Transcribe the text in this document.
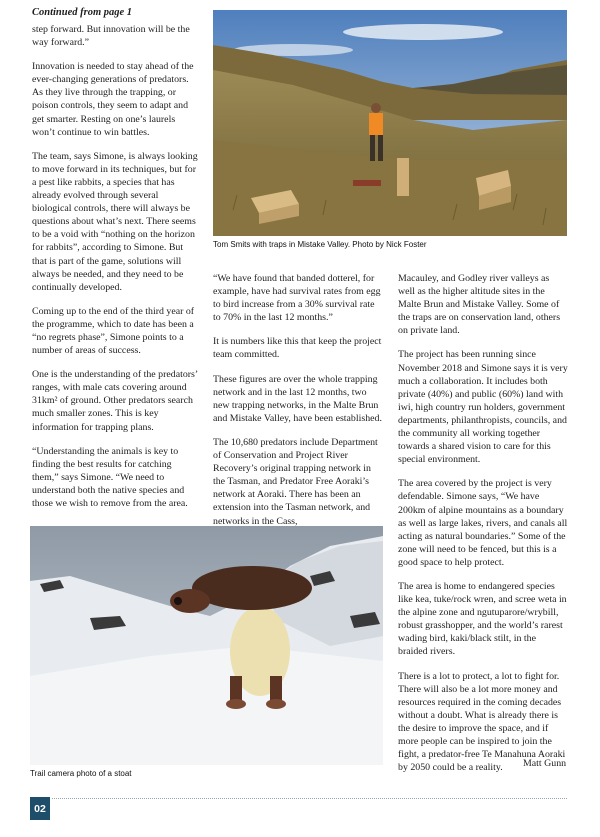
Continued from page 1

step forward. But innovation will be the way forward.”

Innovation is needed to stay ahead of the ever-changing generations of predators. As they live through the trapping, or poison controls, they seem to adapt and get smarter. Resting on one’s laurels won’t continue to win battles.

The team, says Simone, is always looking to move forward in its techniques, but for a pest like rabbits, a species that has already evolved through several biological controls, there will always be questions about what’s next. There seems to be a void with “nothing on the horizon for rabbits”, according to Simone. But that is part of the game, solutions will always be needed, and they need to be continually developed.

Coming up to the end of the third year of the programme, which to date has been a “no regrets phase”, Simone points to a number of areas of success.

One is the understanding of the predators’ ranges, with male cats covering around 31km² of ground. Other predators search much smaller zones. This is key information for trapping plans.

“Understanding the animals is key to finding the best results for catching them,” says Simone. “We need to understand both the native species and those we wish to remove from the area.

Tom Smits with traps in Mistake Valley. Photo by Nick Foster

“We have found that banded dotterel, for example, have had survival rates from egg to bird increase from a 30% survival rate to 70% in the last 12 months.”

It is numbers like this that keep the project team committed.

These figures are over the whole trapping network and in the last 12 months, two new trapping networks, in the Malte Brun and Mistake Valley, have been established.

The 10,680 predators include Department of Conservation and Project River Recovery’s original trapping network in the Tasman, and Predator Free Aoraki’s network at Aoraki. There has been an extension into the Tasman network, and networks in the Cass,

Macauley, and Godley river valleys as well as the higher altitude sites in the Malte Brun and Mistake Valley. Some of the traps are on conservation land, others on private land.

The project has been running since November 2018 and Simone says it is very much a collaboration. It includes both private (40%) and public (60%) land with iwi, high country run holders, government departments, philanthropists, councils, and the community all working together towards a shared vision to care for this special environment.

The area covered by the project is very defendable. Simone says, “We have 200km of alpine mountains as a boundary as well as large lakes, rivers, and canals all acting as natural boundaries.” Some of the zone will need to be fenced, but this is a good space to help protect.

The area is home to endangered species like kea, tuke/rock wren, and scree weta in the alpine zone and ngutuparore/wrybill, robust grasshopper, and the world’s rarest wading bird, kaki/black stilt, in the braided rivers.

There is a lot to protect, a lot to fight for. There will also be a lot more money and resources required in the coming decades without a doubt. What is already there is the desire to improve the space, and if more people can be inspired to join the fight, a predator-free Te Manahuna Aoraki by 2050 could be a reality.

Trail camera photo of a stoat
Matt Gunn
02
